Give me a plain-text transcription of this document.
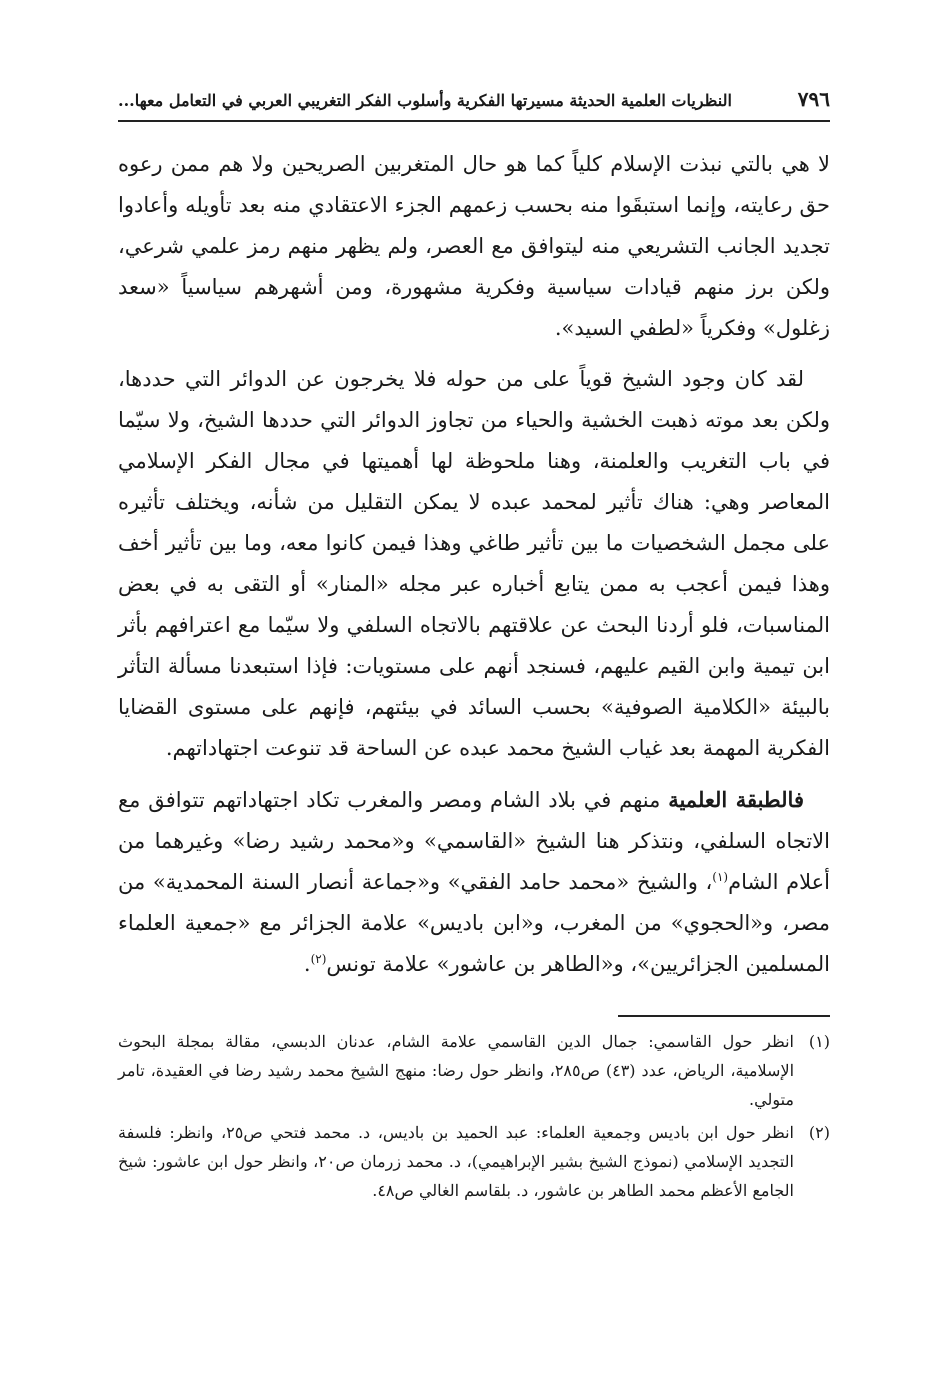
٧٩٦
النظريات العلمية الحديثة مسيرتها الفكرية وأسلوب الفكر التغريبي العربي في التعامل معها...

لا هي بالتي نبذت الإسلام كلياً كما هو حال المتغربين الصريحين ولا هم ممن رعوه حق رعايته، وإنما استبقَوا منه بحسب زعمهم الجزء الاعتقادي منه بعد تأويله وأعادوا تجديد الجانب التشريعي منه ليتوافق مع العصر، ولم يظهر منهم رمز علمي شرعي، ولكن برز منهم قيادات سياسية وفكرية مشهورة، ومن أشهرهم سياسياً «سعد زغلول» وفكرياً «لطفي السيد».

لقد كان وجود الشيخ قوياً على من حوله فلا يخرجون عن الدوائر التي حددها، ولكن بعد موته ذهبت الخشية والحياء من تجاوز الدوائر التي حددها الشيخ، ولا سيّما في باب التغريب والعلمنة، وهنا ملحوظة لها أهميتها في مجال الفكر الإسلامي المعاصر وهي: هناك تأثير لمحمد عبده لا يمكن التقليل من شأنه، ويختلف تأثيره على مجمل الشخصيات ما بين تأثير طاغي وهذا فيمن كانوا معه، وما بين تأثير أخف وهذا فيمن أعجب به ممن يتابع أخباره عبر مجله «المنار» أو التقى به في بعض المناسبات، فلو أردنا البحث عن علاقتهم بالاتجاه السلفي ولا سيّما مع اعترافهم بأثر ابن تيمية وابن القيم عليهم، فسنجد أنهم على مستويات: فإذا استبعدنا مسألة التأثر بالبيئة «الكلامية الصوفية» بحسب السائد في بيئتهم، فإنهم على مستوى القضايا الفكرية المهمة بعد غياب الشيخ محمد عبده عن الساحة قد تنوعت اجتهاداتهم.

فالطبقة العلمية منهم في بلاد الشام ومصر والمغرب تكاد اجتهاداتهم تتوافق مع الاتجاه السلفي، ونتذكر هنا الشيخ «القاسمي» و«محمد رشيد رضا» وغيرهما من أعلام الشام$^{(١)}$، والشيخ «محمد حامد الفقي» و«جماعة أنصار السنة المحمدية» من مصر، و«الحجوي» من المغرب، و«ابن باديس» علامة الجزائر مع «جمعية العلماء المسلمين الجزائريين»، و«الطاهر بن عاشور» علامة تونس$^{(٢)}$.

(١)
انظر حول القاسمي: جمال الدين القاسمي علامة الشام، عدنان الدبسي، مقالة بمجلة البحوث الإسلامية، الرياض، عدد (٤٣) ص٢٨٥، وانظر حول رضا: منهج الشيخ محمد رشيد رضا في العقيدة، تامر متولي.
(٢)
انظر حول ابن باديس وجمعية العلماء: عبد الحميد بن باديس، د. محمد فتحي ص٢٥، وانظر: فلسفة التجديد الإسلامي (نموذج الشيخ بشير الإبراهيمي)، د. محمد زرمان ص٢٠، وانظر حول ابن عاشور: شيخ الجامع الأعظم محمد الطاهر بن عاشور، د. بلقاسم الغالي ص٤٨.
